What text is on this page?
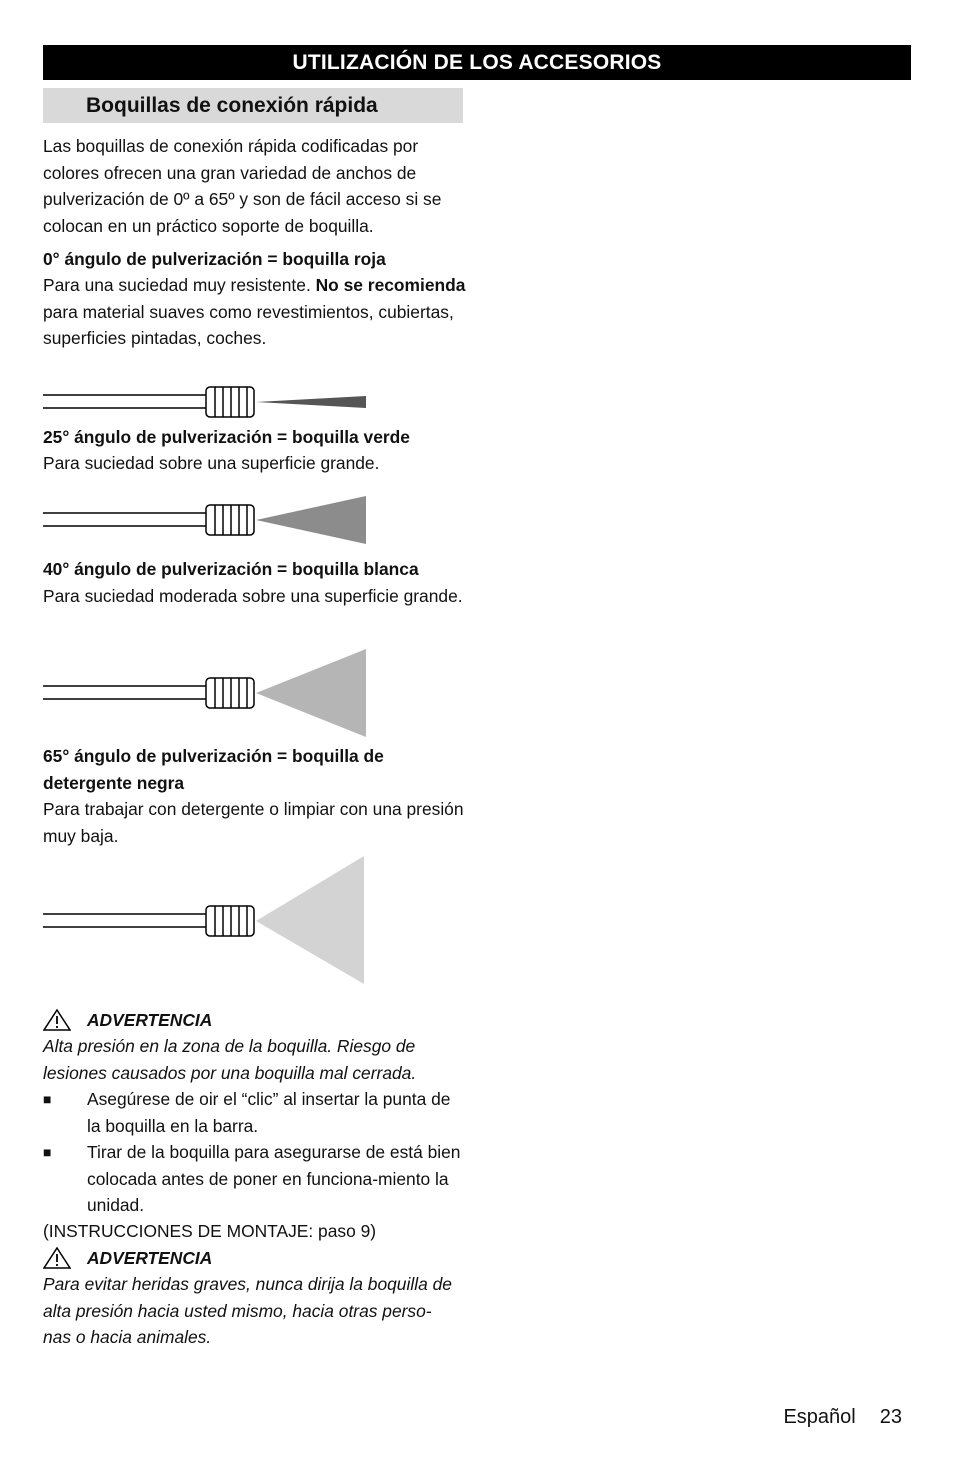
UTILIZACIÓN DE LOS ACCESORIOS
Boquillas de conexión rápida

Las boquillas de conexión rápida codificadas por colores ofrecen una gran variedad de anchos de pulverización de 0º a 65º y son de fácil acceso si se colocan en un práctico soporte de boquilla.

0° ángulo de pulverización = boquilla roja

Para una suciedad muy resistente. No se recomienda para material suaves como revestimientos, cubiertas, superficies pintadas, coches.

25° ángulo de pulverización = boquilla verde

Para suciedad sobre una superficie grande.

40° ángulo de pulverización = boquilla blanca

Para suciedad moderada sobre una superficie grande.

65° ángulo de pulverización = boquilla de detergente negra

Para trabajar con detergente o limpiar con una presión muy baja.

ADVERTENCIA

Alta presión en la zona de la boquilla. Riesgo de lesiones causados por una boquilla mal cerrada.

■ Asegúrese de oir el “clic” al insertar la punta de la boquilla en la barra.
■ Tirar de la boquilla para asegurarse de está bien colocada antes de poner en funciona-miento la unidad.

(INSTRUCCIONES DE MONTAJE: paso 9)

ADVERTENCIA

Para evitar heridas graves, nunca dirija la boquilla de alta presión hacia usted mismo, hacia otras perso-nas o hacia animales.

Español 23
